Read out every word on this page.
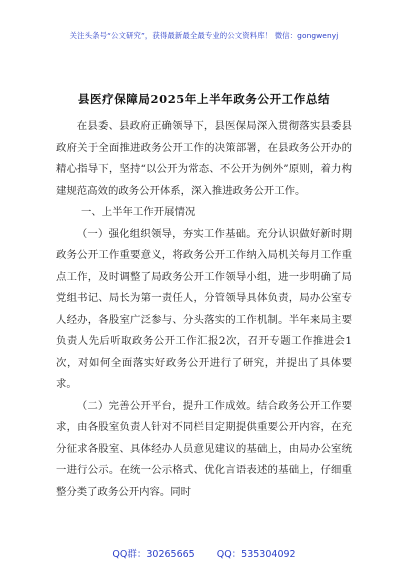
关注头条号“公文研究”，获得最新最全最专业的公文资料库！ 微信：gongwenyj
县医疗保障局2025年上半年政务公开工作总结

在县委、县政府正确领导下，县医保局深入贯彻落实县委县政府关于全面推进政务公开工作的决策部署，在县政务公开办的精心指导下，坚持“以公开为常态、不公开为例外”原则，着力构建规范高效的政务公开体系，深入推进政务公开工作。

一、上半年工作开展情况

（一）强化组织领导，夯实工作基础。充分认识做好新时期政务公开工作重要意义，将政务公开工作纳入局机关每月工作重点工作，及时调整了局政务公开工作领导小组，进一步明确了局党组书记、局长为第一责任人，分管领导具体负责，局办公室专人经办，各股室广泛参与、分头落实的工作机制。半年来局主要负责人先后听取政务公开工作汇报2次，召开专题工作推进会1次，对如何全面落实好政务公开进行了研究，并提出了具体要求。

（二）完善公开平台，提升工作成效。结合政务公开工作要求，由各股室负责人针对不同栏目定期提供重要公开内容，在充分征求各股室、具体经办人员意见建议的基础上，由局办公室统一进行公示。在统一公示格式、优化言语表述的基础上，仔细重整分类了政务公开内容。同时

QQ群：30265665 QQ：535304092
